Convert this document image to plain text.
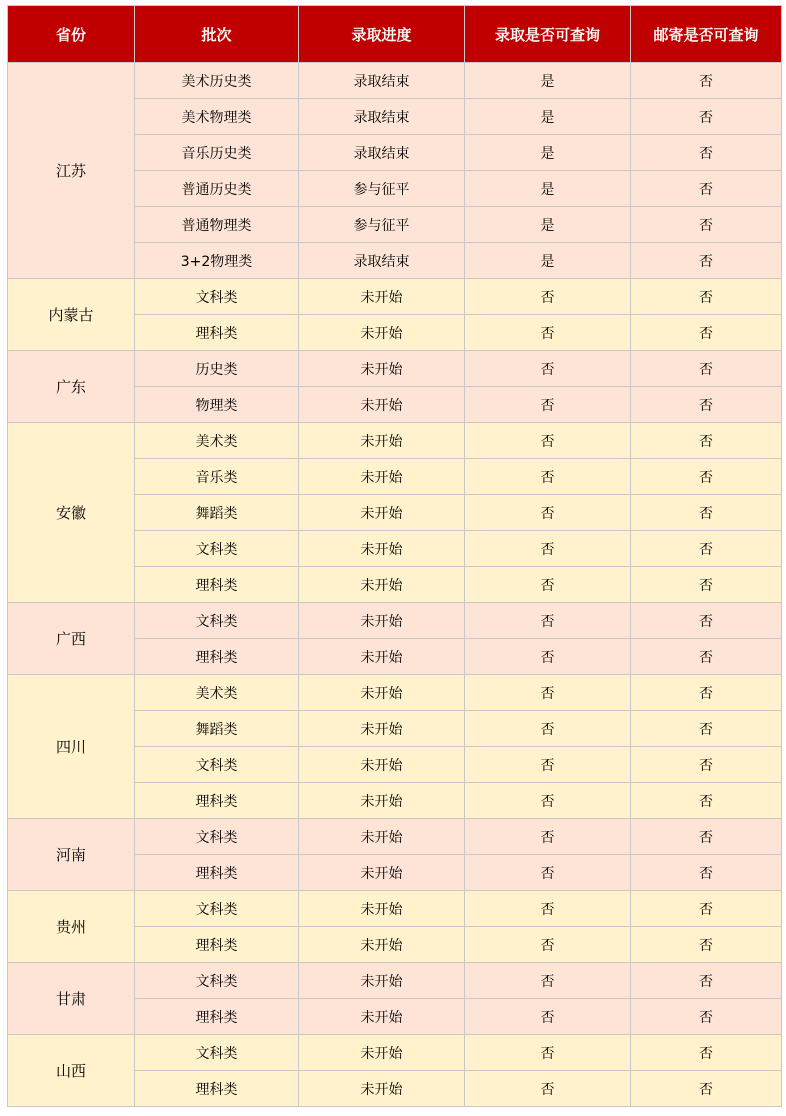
省份	批次	录取进度	录取是否可查询	邮寄是否可查询
江苏	美术历史类	录取结束	是	否
	美术物理类	录取结束	是	否
	音乐历史类	录取结束	是	否
	普通历史类	参与征平	是	否
	普通物理类	参与征平	是	否
	3+2物理类	录取结束	是	否
内蒙古	文科类	未开始	否	否
	理科类	未开始	否	否
广东	历史类	未开始	否	否
	物理类	未开始	否	否
安徽	美术类	未开始	否	否
	音乐类	未开始	否	否
	舞蹈类	未开始	否	否
	文科类	未开始	否	否
	理科类	未开始	否	否
广西	文科类	未开始	否	否
	理科类	未开始	否	否
四川	美术类	未开始	否	否
	舞蹈类	未开始	否	否
	文科类	未开始	否	否
	理科类	未开始	否	否
河南	文科类	未开始	否	否
	理科类	未开始	否	否
贵州	文科类	未开始	否	否
	理科类	未开始	否	否
甘肃	文科类	未开始	否	否
	理科类	未开始	否	否
山西	文科类	未开始	否	否
	理科类	未开始	否	否
